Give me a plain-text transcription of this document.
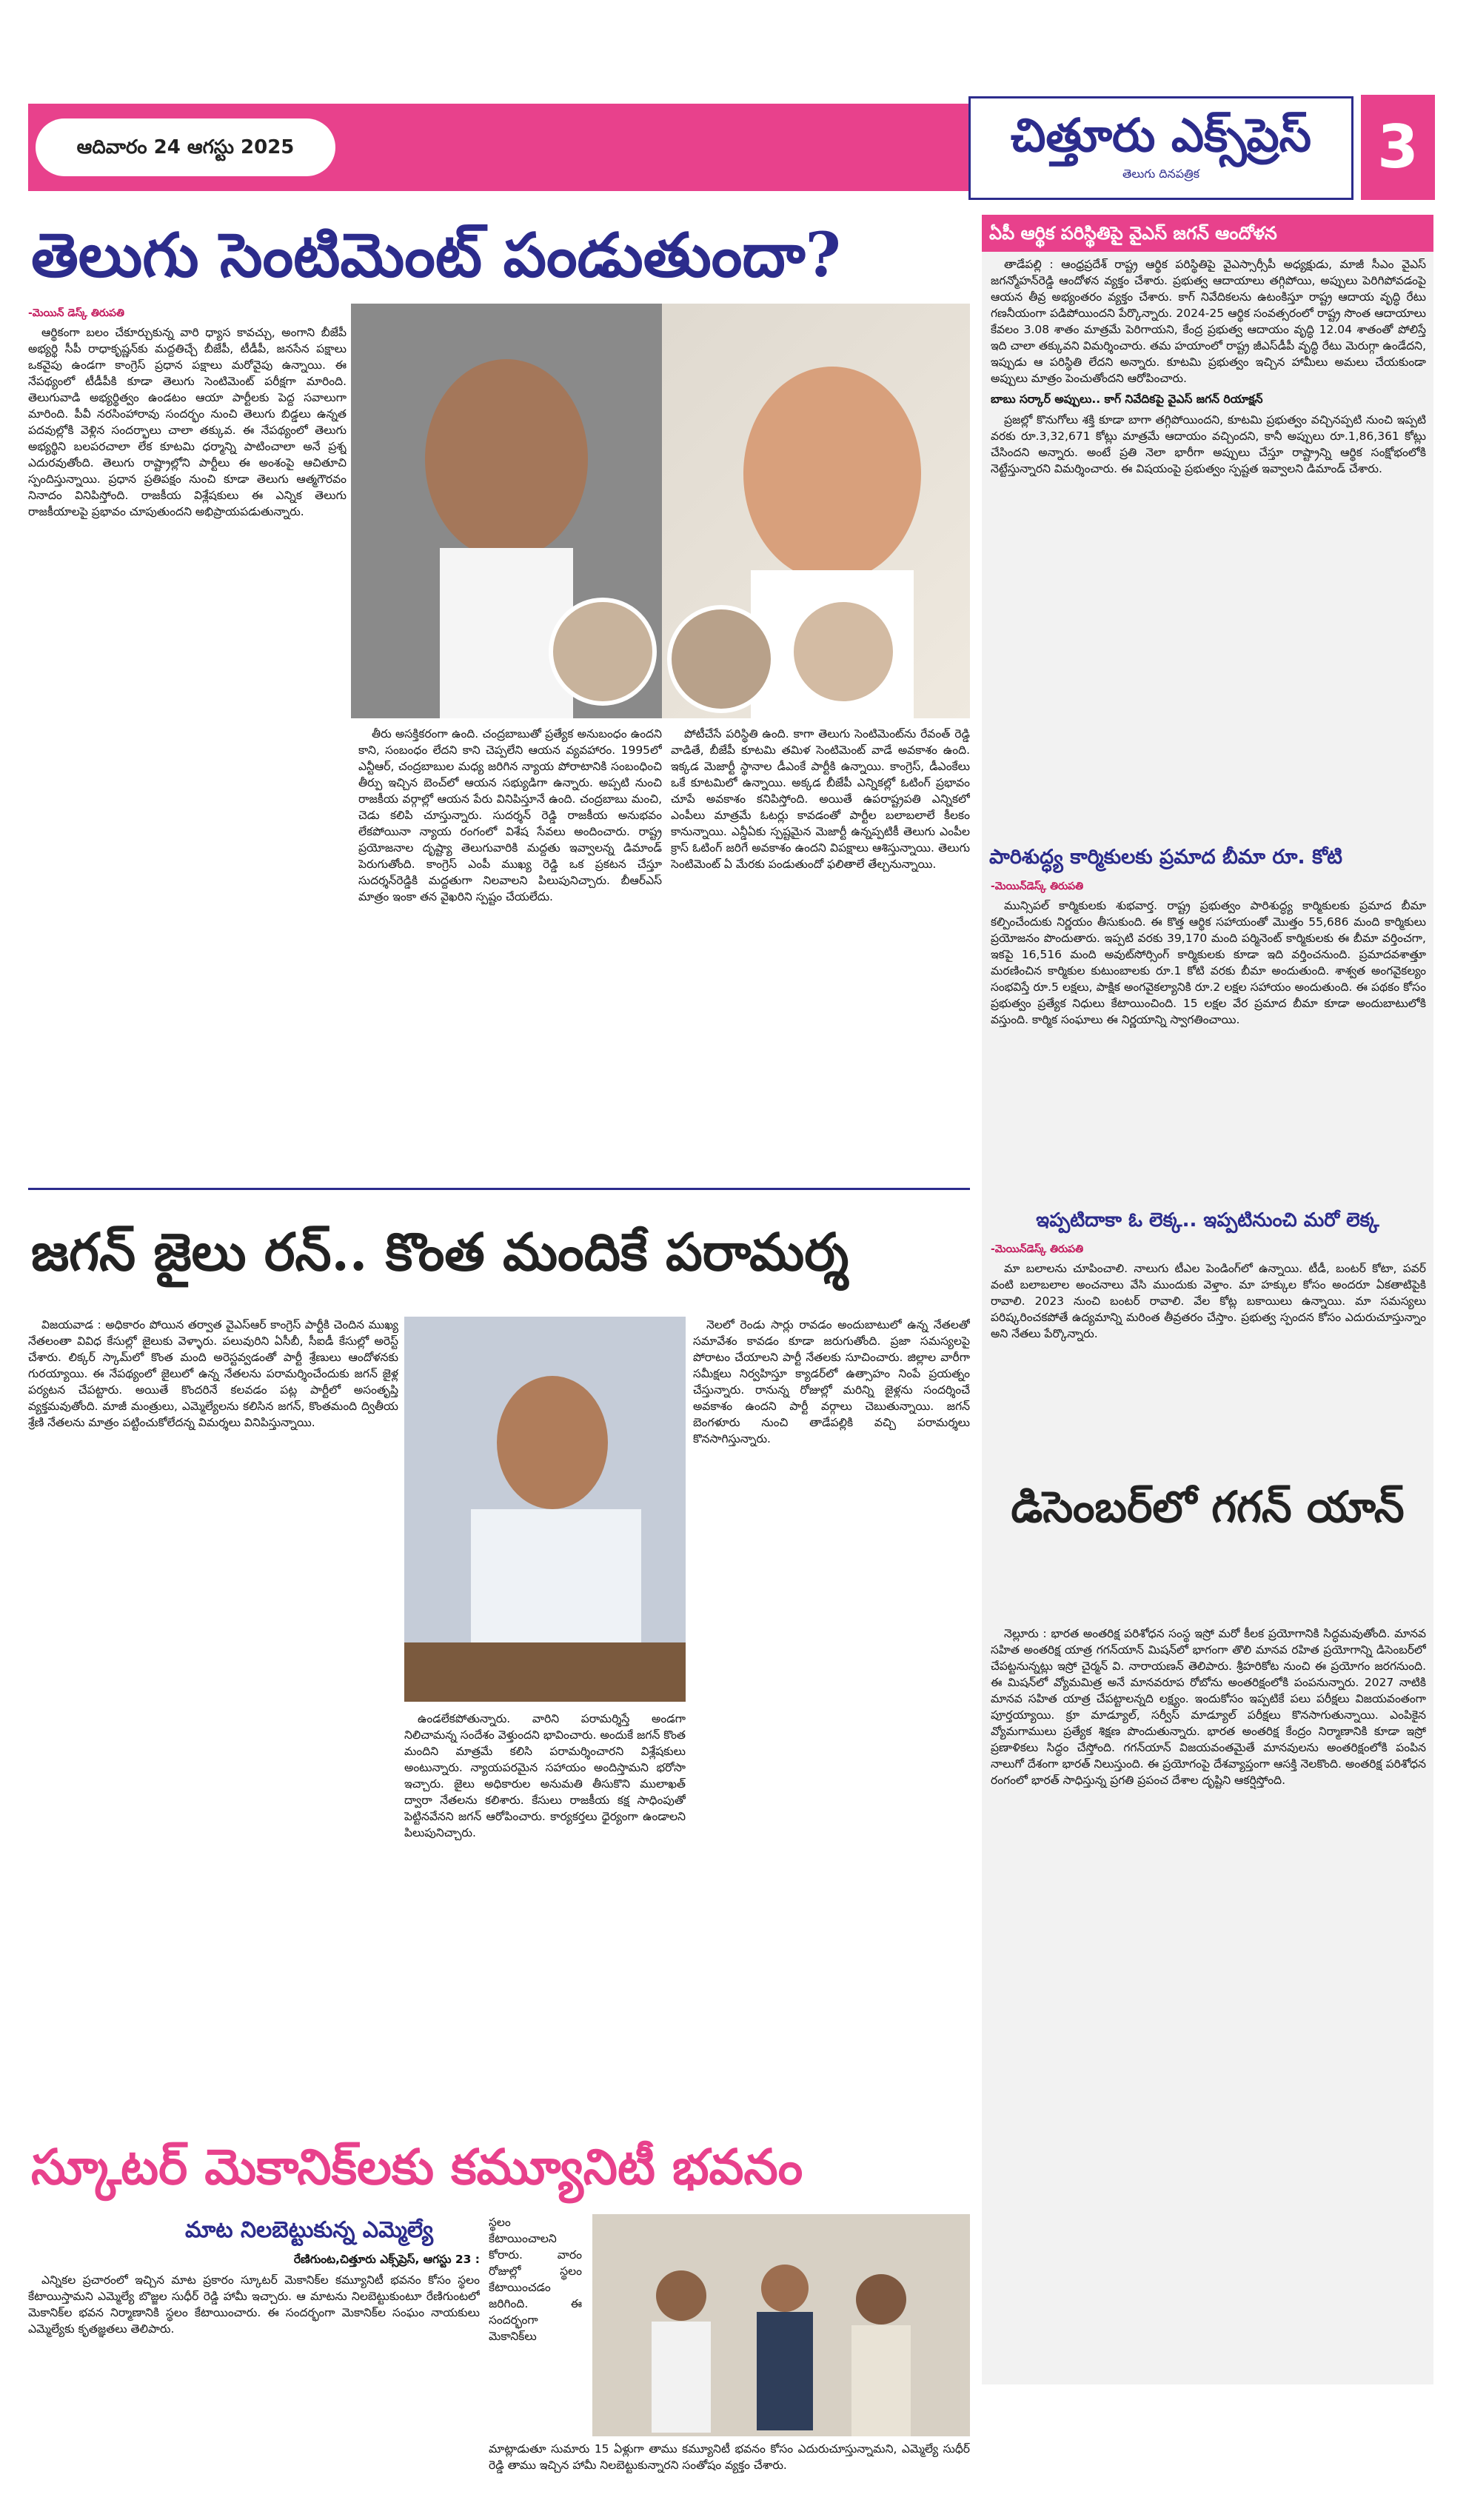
ఆదివారం 24 ఆగస్టు 2025	చిత్తూరు ఎక్స్‌ప్రెస్
తెలుగు దినపత్రిక	3
తెలుగు సెంటిమెంట్ పండుతుందా?
-మెయిన్‌ డెస్క్ తిరుపతి

ఆర్థికంగా బలం చేకూర్చుకున్న వారి ధ్యాస కావచ్చు, అంగాని బీజేపీ అభ్యర్థి సీపీ రాధాకృష్ణన్‌కు మద్దతిచ్చే బీజేపీ, టీడీపీ, జనసేన పక్షాలు ఒకవైపు ఉండగా కాంగ్రెస్ ప్రధాన పక్షాలు మరోవైపు ఉన్నాయి. ఈ నేపథ్యంలో టీడీపీకి కూడా తెలుగు సెంటిమెంట్ పరీక్షగా మారింది. తెలుగువాడి అభ్యర్థిత్వం ఉండటం ఆయా పార్టీలకు పెద్ద సవాలుగా మారింది. పీవీ నరసింహారావు సందర్భం నుంచి తెలుగు బిడ్డలు ఉన్నత పదవుల్లోకి వెళ్లిన సందర్భాలు చాలా తక్కువ. ఈ నేపథ్యంలో తెలుగు అభ్యర్థిని బలపరచాలా లేక కూటమి ధర్మాన్ని పాటించాలా అనే ప్రశ్న ఎదురవుతోంది. తెలుగు రాష్ట్రాల్లోని పార్టీలు ఈ అంశంపై ఆచితూచి స్పందిస్తున్నాయి. ప్రధాన ప్రతిపక్షం నుంచి కూడా తెలుగు ఆత్మగౌరవం నినాదం వినిపిస్తోంది. రాజకీయ విశ్లేషకులు ఈ ఎన్నిక తెలుగు రాజకీయాలపై ప్రభావం చూపుతుందని అభిప్రాయపడుతున్నారు.

తీరు అసక్తికరంగా ఉంది. చంద్రబాబుతో ప్రత్యేక అనుబంధం ఉందని కాని, సంబంధం లేదని కాని చెప్పలేని ఆయన వ్యవహారం. 1995లో ఎన్టీఆర్, చంద్రబాబుల మధ్య జరిగిన న్యాయ పోరాటానికి సంబంధించి తీర్పు ఇచ్చిన బెంచ్‌లో ఆయన సభ్యుడిగా ఉన్నారు. అప్పటి నుంచి రాజకీయ వర్గాల్లో ఆయన పేరు వినిపిస్తూనే ఉంది. చంద్రబాబు మంచి, చెడు కలిపి చూస్తున్నారు. సుదర్శన్ రెడ్డి రాజకీయ అనుభవం లేకపోయినా న్యాయ రంగంలో విశేష సేవలు అందించారు. రాష్ట్ర ప్రయోజనాల దృష్ట్యా తెలుగువారికి మద్దతు ఇవ్వాలన్న డిమాండ్ పెరుగుతోంది. కాంగ్రెస్ ఎంపీ ముఖ్య రెడ్డి ఒక ప్రకటన చేస్తూ సుదర్శన్‌రెడ్డికి మద్దతుగా నిలవాలని పిలుపునిచ్చారు. బీఆర్ఎస్ మాత్రం ఇంకా తన వైఖరిని స్పష్టం చేయలేదు.

పోటీచేసే పరిస్థితి ఉంది. కాగా తెలుగు సెంటిమెంట్‌ను రేవంత్ రెడ్డి వాడితే, బీజేపీ కూటమి తమిళ సెంటిమెంట్ వాడే అవకాశం ఉంది. ఇక్కడ మెజార్టీ స్థానాల డీఎంకే పార్టీకి ఉన్నాయి. కాంగ్రెస్, డీఎంకేలు ఒకే కూటమిలో ఉన్నాయి. అక్కడ బీజేపీ ఎన్నికల్లో ఓటింగ్ ప్రభావం చూపే అవకాశం కనిపిస్తోంది. అయితే ఉపరాష్ట్రపతి ఎన్నికలో ఎంపీలు మాత్రమే ఓటర్లు కావడంతో పార్టీల బలాబలాలే కీలకం కానున్నాయి. ఎన్డీఏకు స్పష్టమైన మెజార్టీ ఉన్నప్పటికీ తెలుగు ఎంపీల క్రాస్ ఓటింగ్ జరిగే అవకాశం ఉందని విపక్షాలు ఆశిస్తున్నాయి. తెలుగు సెంటిమెంట్ ఏ మేరకు పండుతుందో ఫలితాలే తేల్చనున్నాయి.

ఏపీ ఆర్థిక పరిస్థితిపై వైఎస్ జగన్ ఆందోళన

తాడేపల్లి : ఆంధ్రప్రదేశ్ రాష్ట్ర ఆర్థిక పరిస్థితిపై వైఎస్సార్సీపీ అధ్యక్షుడు, మాజీ సీఎం వైఎస్ జగన్మోహన్‌రెడ్డి ఆందోళన వ్యక్తం చేశారు. ప్రభుత్వ ఆదాయాలు తగ్గిపోయి, అప్పులు పెరిగిపోవడంపై ఆయన తీవ్ర అభ్యంతరం వ్యక్తం చేశారు. కాగ్ నివేదికలను ఉటంకిస్తూ రాష్ట్ర ఆదాయ వృద్ధి రేటు గణనీయంగా పడిపోయిందని పేర్కొన్నారు. 2024-25 ఆర్థిక సంవత్సరంలో రాష్ట్ర సొంత ఆదాయాలు కేవలం 3.08 శాతం మాత్రమే పెరిగాయని, కేంద్ర ప్రభుత్వ ఆదాయం వృద్ధి 12.04 శాతంతో పోలిస్తే ఇది చాలా తక్కువని విమర్శించారు. తమ హయాంలో రాష్ట్ర జీఎస్‌డీపీ వృద్ధి రేటు మెరుగ్గా ఉండేదని, ఇప్పుడు ఆ పరిస్థితి లేదని అన్నారు. కూటమి ప్రభుత్వం ఇచ్చిన హామీలు అమలు చేయకుండా అప్పులు మాత్రం పెంచుతోందని ఆరోపించారు.

బాబు సర్కార్ అప్పులు.. కాగ్ నివేదికపై వైఎస్ జగన్ రియాక్షన్

ప్రజల్లో కొనుగోలు శక్తి కూడా బాగా తగ్గిపోయిందని, కూటమి ప్రభుత్వం వచ్చినప్పటి నుంచి ఇప్పటి వరకు రూ.3,32,671 కోట్లు మాత్రమే ఆదాయం వచ్చిందని, కానీ అప్పులు రూ.1,86,361 కోట్లు చేసిందని అన్నారు. అంటే ప్రతి నెలా భారీగా అప్పులు చేస్తూ రాష్ట్రాన్ని ఆర్థిక సంక్షోభంలోకి నెట్టేస్తున్నారని విమర్శించారు. ఈ విషయంపై ప్రభుత్వం స్పష్టత ఇవ్వాలని డిమాండ్ చేశారు.

పారిశుద్ధ్య కార్మికులకు ప్రమాద బీమా రూ. కోటి
-మెయిన్‌డెస్క్ తిరుపతి

మున్సిపల్ కార్మికులకు శుభవార్త. రాష్ట్ర ప్రభుత్వం పారిశుద్ధ్య కార్మికులకు ప్రమాద బీమా కల్పించేందుకు నిర్ణయం తీసుకుంది. ఈ కొత్త ఆర్థిక సహాయంతో మొత్తం 55,686 మంది కార్మికులు ప్రయోజనం పొందుతారు. ఇప్పటి వరకు 39,170 మంది పర్మినెంట్ కార్మికులకు ఈ బీమా వర్తించగా, ఇకపై 16,516 మంది అవుట్‌సోర్సింగ్ కార్మికులకు కూడా ఇది వర్తించనుంది. ప్రమాదవశాత్తూ మరణించిన కార్మికుల కుటుంబాలకు రూ.1 కోటి వరకు బీమా అందుతుంది. శాశ్వత అంగవైకల్యం సంభవిస్తే రూ.5 లక్షలు, పాక్షిక అంగవైకల్యానికి రూ.2 లక్షల సహాయం అందుతుంది. ఈ పథకం కోసం ప్రభుత్వం ప్రత్యేక నిధులు కేటాయించింది. 15 లక్షల వేర ప్రమాద బీమా కూడా అందుబాటులోకి వస్తుంది. కార్మిక సంఘాలు ఈ నిర్ణయాన్ని స్వాగతించాయి.

ఇప్పటిదాకా ఓ లెక్క.. ఇప్పటినుంచి మరో లెక్క
-మెయిన్‌డెస్క్ తిరుపతి

మా బలాలను చూపించాలి. నాలుగు టీఎల పెండింగ్‌లో ఉన్నాయి. టీడీ, బంటర్ కోటా, పవర్ వంటి బలాబలాల అంచనాలు వేసి ముందుకు వెళ్తాం. మా హక్కుల కోసం అందరూ ఏకతాటిపైకి రావాలి. 2023 నుంచి బంటర్ రావాలి. వేల కోట్ల బకాయిలు ఉన్నాయి. మా సమస్యలు పరిష్కరించకపోతే ఉద్యమాన్ని మరింత తీవ్రతరం చేస్తాం. ప్రభుత్వ స్పందన కోసం ఎదురుచూస్తున్నాం అని నేతలు పేర్కొన్నారు.

డిసెంబర్‌లో గగన్ యాన్

నెల్లూరు : భారత అంతరిక్ష పరిశోధన సంస్థ ఇస్రో మరో కీలక ప్రయోగానికి సిద్ధమవుతోంది. మానవ సహిత అంతరిక్ష యాత్ర గగన్‌యాన్ మిషన్‌లో భాగంగా తొలి మానవ రహిత ప్రయోగాన్ని డిసెంబర్‌లో చేపట్టనున్నట్లు ఇస్రో చైర్మన్ వి. నారాయణన్ తెలిపారు. శ్రీహరికోట నుంచి ఈ ప్రయోగం జరగనుంది. ఈ మిషన్‌లో వ్యోమమిత్ర అనే మానవరూప రోబోను అంతరిక్షంలోకి పంపనున్నారు. 2027 నాటికి మానవ సహిత యాత్ర చేపట్టాలన్నది లక్ష్యం. ఇందుకోసం ఇప్పటికే పలు పరీక్షలు విజయవంతంగా పూర్తయ్యాయి. క్రూ మాడ్యూల్, సర్వీస్ మాడ్యూల్ పరీక్షలు కొనసాగుతున్నాయి. ఎంపికైన వ్యోమగాములు ప్రత్యేక శిక్షణ పొందుతున్నారు. భారత అంతరిక్ష కేంద్రం నిర్మాణానికి కూడా ఇస్రో ప్రణాళికలు సిద్ధం చేస్తోంది. గగన్‌యాన్ విజయవంతమైతే మానవులను అంతరిక్షంలోకి పంపిన నాలుగో దేశంగా భారత్ నిలుస్తుంది. ఈ ప్రయోగంపై దేశవ్యాప్తంగా ఆసక్తి నెలకొంది. అంతరిక్ష పరిశోధన రంగంలో భారత్ సాధిస్తున్న ప్రగతి ప్రపంచ దేశాల దృష్టిని ఆకర్షిస్తోంది.

జగన్ జైలు రన్.. కొంత మందికే పరామర్శ

విజయవాడ : అధికారం పోయిన తర్వాత వైఎస్ఆర్ కాంగ్రెస్ పార్టీకి చెందిన ముఖ్య నేతలంతా వివిధ కేసుల్లో జైలుకు వెళ్ళారు. పలువురిని ఏసీబీ, సీఐడీ కేసుల్లో అరెస్ట్ చేశారు. లిక్కర్ స్కామ్‌లో కొంత మంది అరెస్టవ్వడంతో పార్టీ శ్రేణులు ఆందోళనకు గురయ్యాయి. ఈ నేపథ్యంలో జైలులో ఉన్న నేతలను పరామర్శించేందుకు జగన్ జైళ్ల పర్యటన చేపట్టారు. అయితే కొందరినే కలవడం పట్ల పార్టీలో అసంతృప్తి వ్యక్తమవుతోంది. మాజీ మంత్రులు, ఎమ్మెల్యేలను కలిసిన జగన్, కొంతమంది ద్వితీయ శ్రేణి నేతలను మాత్రం పట్టించుకోలేదన్న విమర్శలు వినిపిస్తున్నాయి.

ఉండలేకపోతున్నారు. వారిని పరామర్శిస్తే అండగా నిలిచామన్న సందేశం వెళ్తుందని భావించారు. అందుకే జగన్ కొంత మందిని మాత్రమే కలిసి పరామర్శించారని విశ్లేషకులు అంటున్నారు. న్యాయపరమైన సహాయం అందిస్తామని భరోసా ఇచ్చారు. జైలు అధికారుల అనుమతి తీసుకొని ములాఖత్ ద్వారా నేతలను కలిశారు. కేసులు రాజకీయ కక్ష సాధింపుతో పెట్టినవేనని జగన్ ఆరోపించారు. కార్యకర్తలు ధైర్యంగా ఉండాలని పిలుపునిచ్చారు.

నెలలో రెండు సార్లు రావడం అందుబాటులో ఉన్న నేతలతో సమావేశం కావడం కూడా జరుగుతోంది. ప్రజా సమస్యలపై పోరాటం చేయాలని పార్టీ నేతలకు సూచించారు. జిల్లాల వారీగా సమీక్షలు నిర్వహిస్తూ క్యాడర్‌లో ఉత్సాహం నింపే ప్రయత్నం చేస్తున్నారు. రానున్న రోజుల్లో మరిన్ని జైళ్లను సందర్శించే అవకాశం ఉందని పార్టీ వర్గాలు చెబుతున్నాయి. జగన్ బెంగళూరు నుంచి తాడేపల్లికి వచ్చి పరామర్శలు కొనసాగిస్తున్నారు.

స్కూటర్ మెకానిక్‌లకు కమ్యూనిటీ భవనం
మాట నిలబెట్టుకున్న ఎమ్మెల్యే

రేణిగుంట,చిత్తూరు ఎక్స్‌ప్రెస్, ఆగస్టు 23 :

ఎన్నికల ప్రచారంలో ఇచ్చిన మాట ప్రకారం స్కూటర్ మెకానిక్‌ల కమ్యూనిటీ భవనం కోసం స్థలం కేటాయిస్తామని ఎమ్మెల్యే బొజ్జల సుధీర్ రెడ్డి హామీ ఇచ్చారు. ఆ మాటను నిలబెట్టుకుంటూ రేణిగుంటలో మెకానిక్‌ల భవన నిర్మాణానికి స్థలం కేటాయించారు. ఈ సందర్భంగా మెకానిక్‌ల సంఘం నాయకులు ఎమ్మెల్యేకు కృతజ్ఞతలు తెలిపారు.

స్థలం కేటాయించాలని కోరారు. వారం రోజుల్లో స్థలం కేటాయించడం జరిగింది. ఈ సందర్భంగా మెకానిక్‌లు

మాట్లాడుతూ సుమారు 15 ఏళ్లుగా తాము కమ్యూనిటీ భవనం కోసం ఎదురుచూస్తున్నామని, ఎమ్మెల్యే సుధీర్ రెడ్డి తాము ఇచ్చిన హామీ నిలబెట్టుకున్నారని సంతోషం వ్యక్తం చేశారు.
